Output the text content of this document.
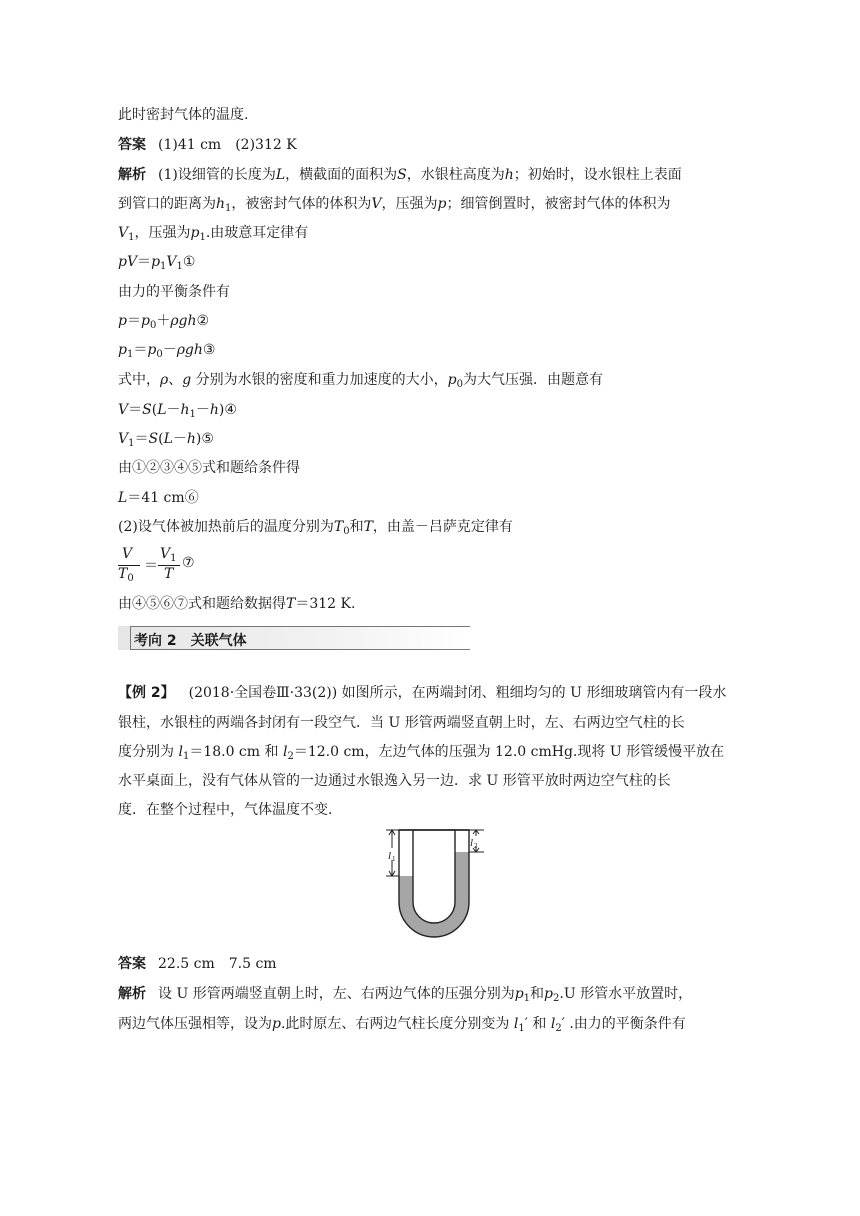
此时密封气体的温度.
答案 (1)41 cm　(2)312 K
解析 (1)设细管的长度为L，横截面的面积为S，水银柱高度为h；初始时，设水银柱上表面
到管口的距离为$h_1$，被密封气体的体积为V，压强为p；细管倒置时，被密封气体的体积为
$V_1$，压强为$p_1$.由玻意耳定律有
$pV=p_1V_1①$
由力的平衡条件有
$p=p_0+\rho gh②$
$p_1=p_0-\rho gh③$
式中，ρ、g 分别为水银的密度和重力加速度的大小，$p_0$为大气压强．由题意有
$V=S(L-h_1-h)④$
$V_1=S(L-h)⑤$
由①②③④⑤式和题给条件得
L＝41 cm⑥
(2)设气体被加热前后的温度分别为$T_0$和T，由盖－吕萨克定律有
V
$T_0$
＝
$V_1$
T
⑦
由④⑤⑥⑦式和题给数据得T＝312 K.
考向 2　关联气体
【例 2】 (2018·全国卷Ⅲ·33(2)) 如图所示，在两端封闭、粗细均匀的 U 形细玻璃管内有一段水
银柱，水银柱的两端各封闭有一段空气．当 U 形管两端竖直朝上时，左、右两边空气柱的长
度分别为 $l_1=18.0$ cm 和 $l_2=12.0$ cm，左边气体的压强为 12.0 cmHg.现将 U 形管缓慢平放在
水平桌面上，没有气体从管的一边通过水银逸入另一边．求 U 形管平放时两边空气柱的长
度．在整个过程中，气体温度不变．
l 1
l 2
答案 22.5 cm　7.5 cm
解析 设 U 形管两端竖直朝上时，左、右两边气体的压强分别为$p_1$和$p_2.U$ 形管水平放置时，
两边气体压强相等，设为p.此时原左、右两边气柱长度分别变为 $l_1'$ 和 $l_2'$ .由力的平衡条件有
